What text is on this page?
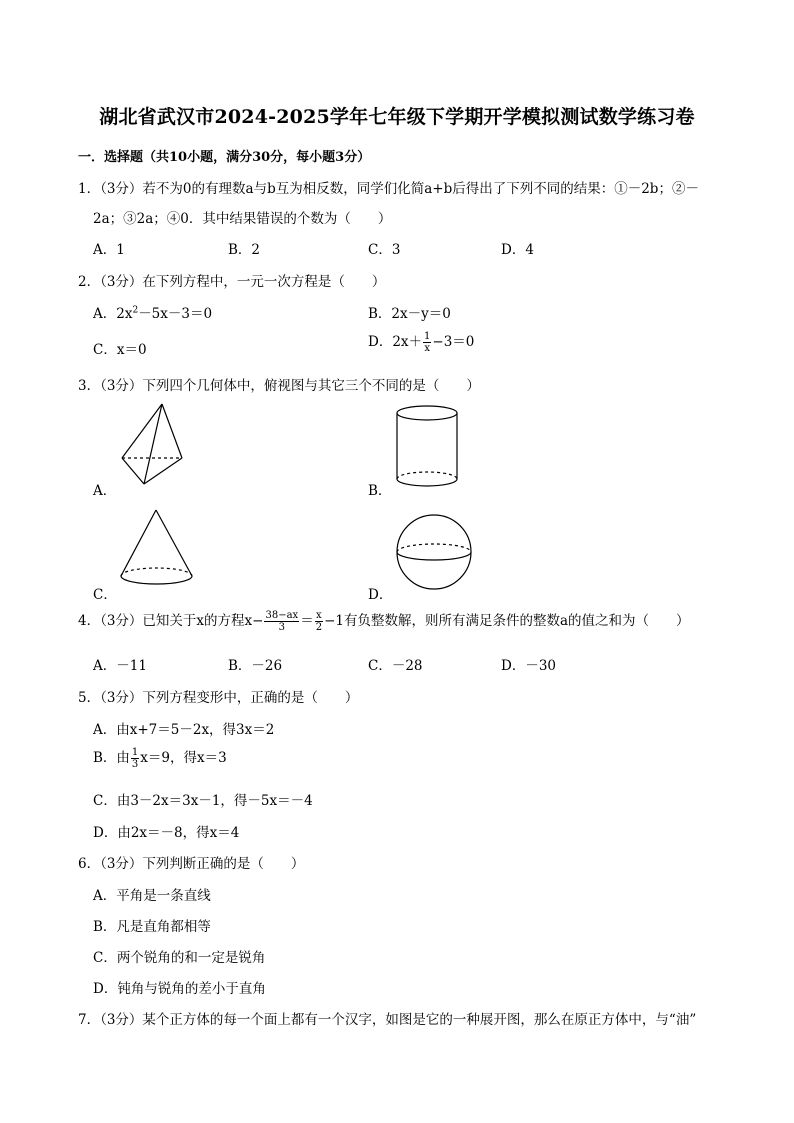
湖北省武汉市2024-2025学年七年级下学期开学模拟测试数学练习卷
一．选择题（共10小题，满分30分，每小题3分）
1．（3分）若不为0的有理数a与b互为相反数，同学们化简a+b后得出了下列不同的结果：①－2b；②－
2a；③2a；④0．其中结果错误的个数为（　　）
A．1	B．2	C．3	D．4
2．（3分）在下列方程中，一元一次方程是（　　）
A．$2x^2-5x-3=0$	B．2x－y＝0
C．x＝0	D．$2x+ \frac{1}{x} -3=0$
3．（3分）下列四个几何体中，俯视图与其它三个不同的是（　　）
A．	B．
C．	D．
4．（3分）已知关于x的方程$x- \frac{38-ax}{3} = \frac{x}{2} -1$有负整数解，则所有满足条件的整数a的值之和为（　　）
A．－11	B．－26	C．－28	D．－30
5．（3分）下列方程变形中，正确的是（　　）
A．由x+7＝5－2x，得3x＝2
B．由 $\frac{1}{3} x=9$，得x＝3
C．由3－2x＝3x－1，得－5x＝－4
D．由2x＝－8，得x＝4
6．（3分）下列判断正确的是（　　）
A．平角是一条直线
B．凡是直角都相等
C．两个锐角的和一定是锐角
D．钝角与锐角的差小于直角
7．（3分）某个正方体的每一个面上都有一个汉字，如图是它的一种展开图，那么在原正方体中，与“油”
